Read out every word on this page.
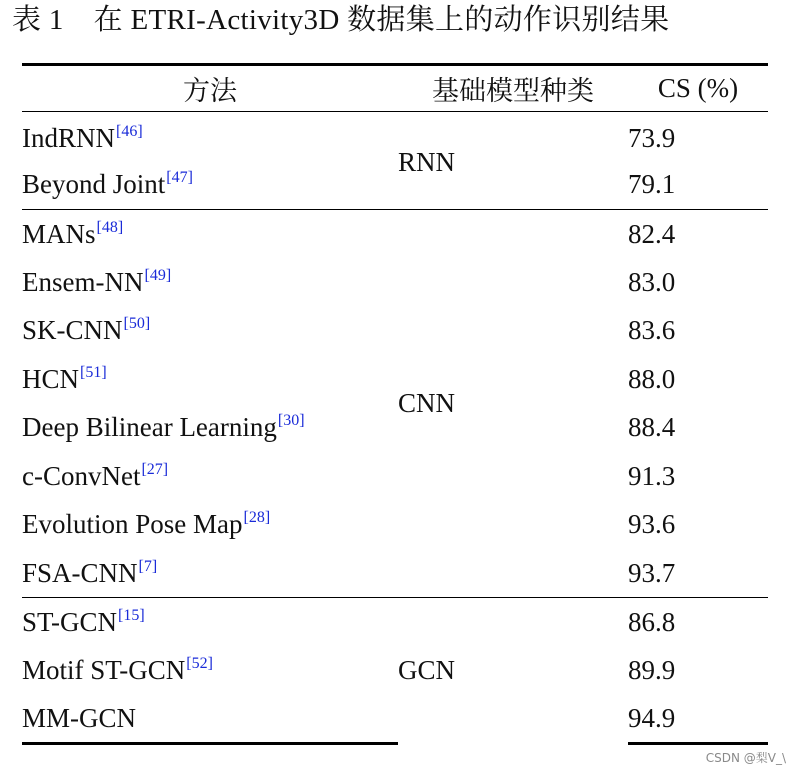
表 1 在 ETRI-Activity3D 数据集上的动作识别结果
方法	基础模型种类	CS (%)
IndRNN[46]	RNN	73.9
Beyond Joint[47]		79.1
MANs[48]	CNN	82.4
Ensem-NN[49]		83.0
SK-CNN[50]		83.6
HCN[51]		88.0
Deep Bilinear Learning[30]		88.4
c-ConvNet[27]		91.3
Evolution Pose Map[28]		93.6
FSA-CNN[7]		93.7
ST-GCN[15]	GCN	86.8
Motif ST-GCN[52]		89.9
MM-GCN		94.9
CSDN @梨V_\
